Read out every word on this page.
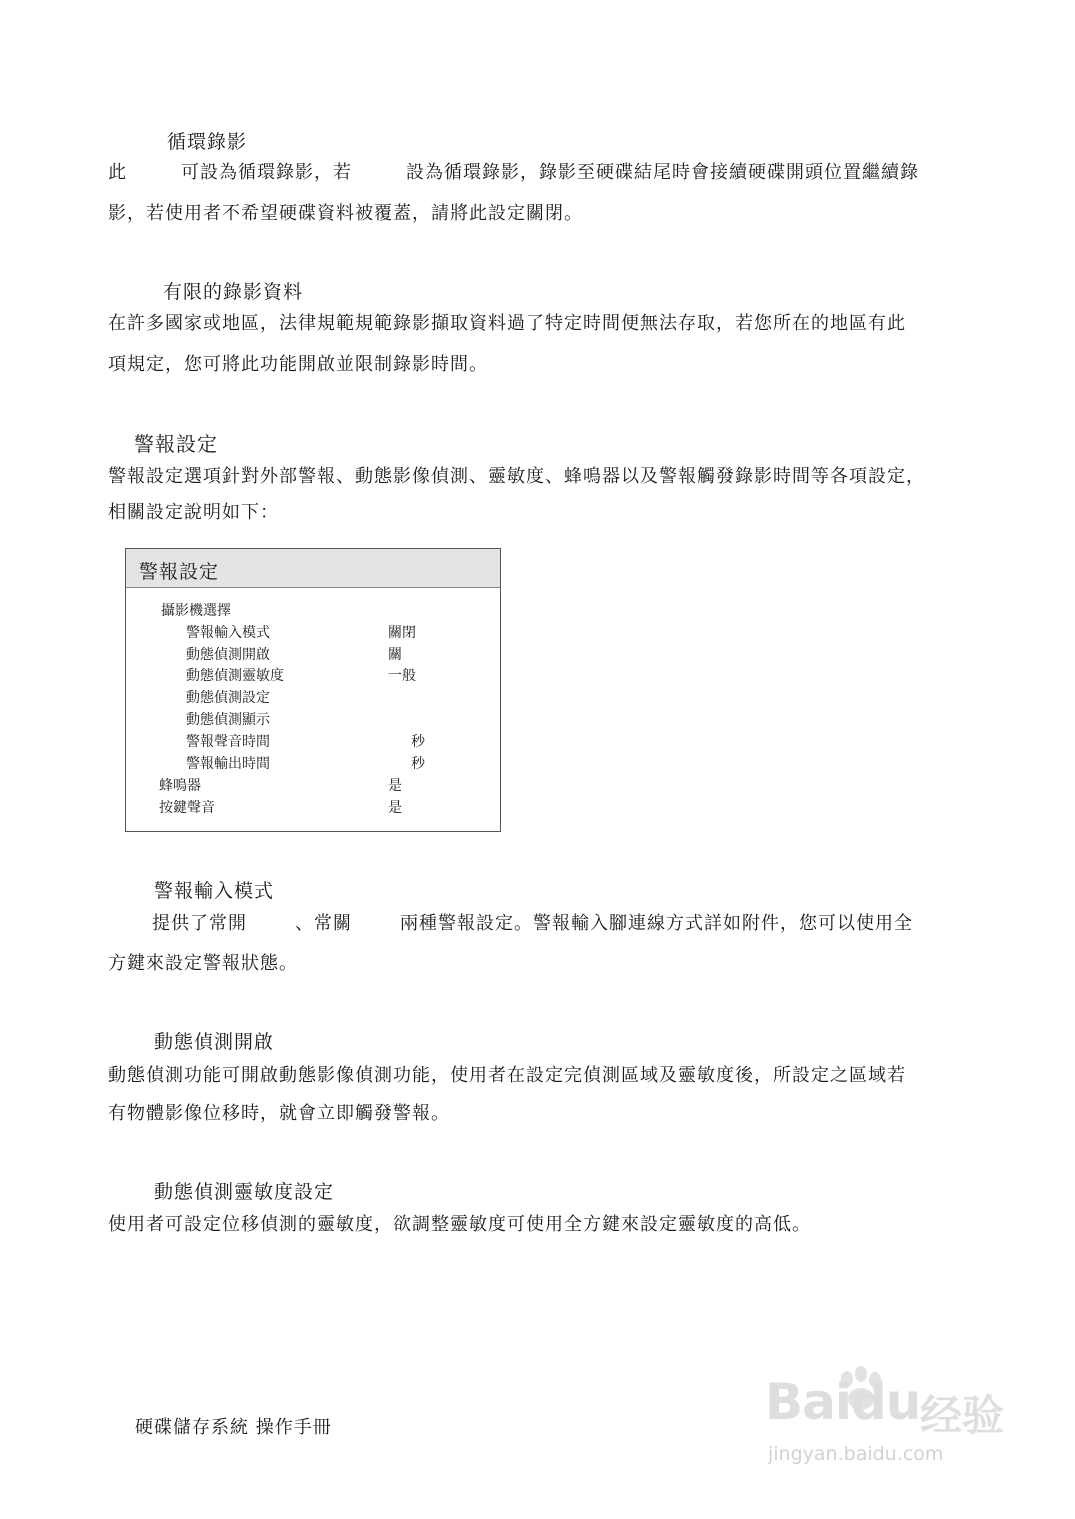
循環錄影
此	可設為循環錄影，若	設為循環錄影，錄影至硬碟結尾時會接續硬碟開頭位置繼續錄
影，若使用者不希望硬碟資料被覆蓋，請將此設定關閉。
有限的錄影資料
在許多國家或地區，法律規範規範錄影擷取資料過了特定時間便無法存取，若您所在的地區有此
項規定，您可將此功能開啟並限制錄影時間。
警報設定
警報設定選項針對外部警報、動態影像偵測、靈敏度、蜂鳴器以及警報觸發錄影時間等各項設定，
相關設定說明如下：
警報設定
攝影機選擇
警報輸入模式	關閉
動態偵測開啟	關
動態偵測靈敏度	一般
動態偵測設定
動態偵測顯示
警報聲音時間	秒
警報輸出時間	秒
蜂鳴器	是
按鍵聲音	是
警報輸入模式
提供了常開	、常關	兩種警報設定。警報輸入腳連線方式詳如附件，您可以使用全
方鍵來設定警報狀態。
動態偵測開啟
動態偵測功能可開啟動態影像偵測功能，使用者在設定完偵測區域及靈敏度後，所設定之區域若
有物體影像位移時，就會立即觸發警報。
動態偵測靈敏度設定
使用者可設定位移偵測的靈敏度，欲調整靈敏度可使用全方鍵來設定靈敏度的高低。
硬碟儲存系統 操作手冊	Baidu 经验
jingyan.baidu.com
